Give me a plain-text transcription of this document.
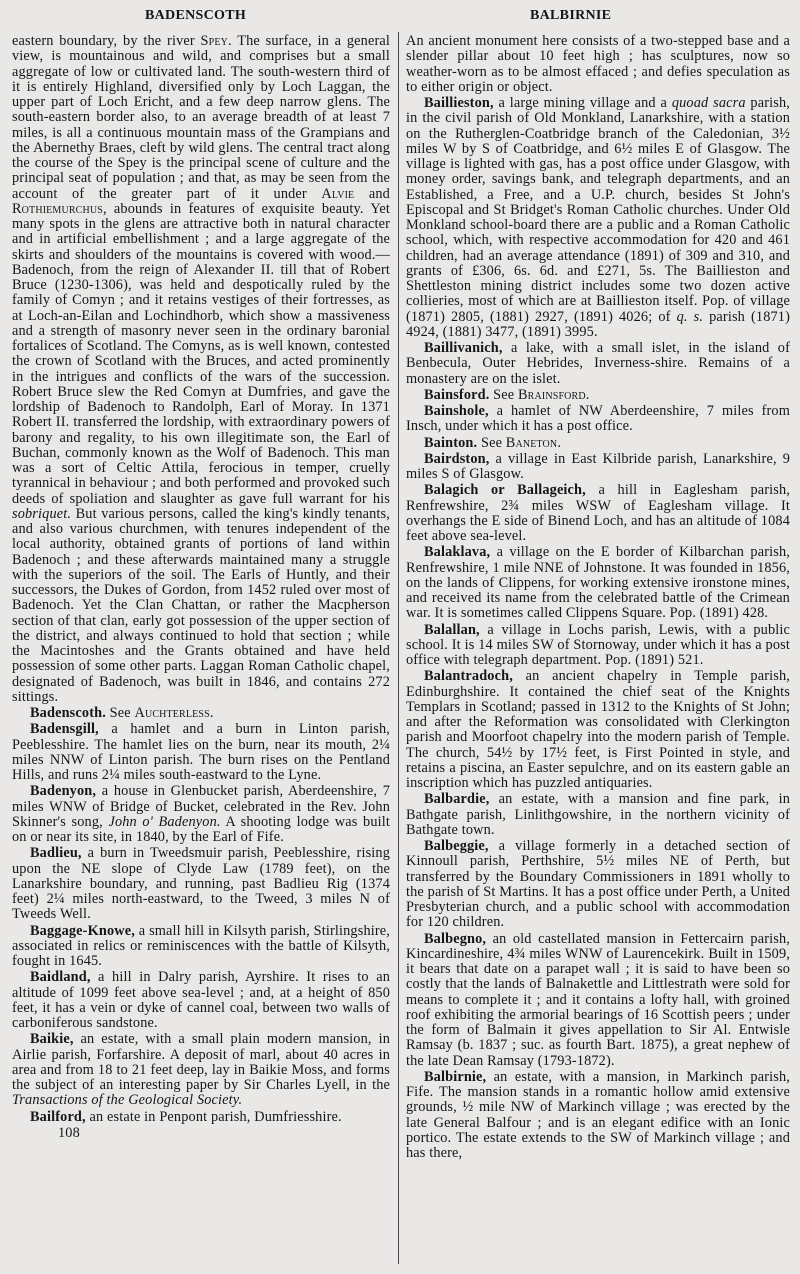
BADENSCOTH	BALBIRNIE

eastern boundary, by the river Spey. The surface, in a general view, is mountainous and wild, and comprises but a small aggregate of low or cultivated land. The south-western third of it is entirely Highland, diversified only by Loch Laggan, the upper part of Loch Ericht, and a few deep narrow glens. The south-eastern border also, to an average breadth of at least 7 miles, is all a continuous mountain mass of the Grampians and the Abernethy Braes, cleft by wild glens. The central tract along the course of the Spey is the principal scene of culture and the principal seat of population ; and that, as may be seen from the account of the greater part of it under Alvie and Rothiemurchus, abounds in features of exquisite beauty. Yet many spots in the glens are attractive both in natural character and in artificial embellishment ; and a large aggregate of the skirts and shoulders of the mountains is covered with wood.—Badenoch, from the reign of Alexander II. till that of Robert Bruce (1230-1306), was held and despotically ruled by the family of Comyn ; and it retains vestiges of their fortresses, as at Loch-an-Eilan and Lochindhorb, which show a massiveness and a strength of masonry never seen in the ordinary baronial fortalices of Scotland. The Comyns, as is well known, contested the crown of Scotland with the Bruces, and acted prominently in the intrigues and conflicts of the wars of the succession. Robert Bruce slew the Red Comyn at Dumfries, and gave the lordship of Badenoch to Randolph, Earl of Moray. In 1371 Robert II. transferred the lordship, with extraordinary powers of barony and regality, to his own illegitimate son, the Earl of Buchan, commonly known as the Wolf of Badenoch. This man was a sort of Celtic Attila, ferocious in temper, cruelly tyrannical in behaviour ; and both performed and provoked such deeds of spoliation and slaughter as gave full warrant for his sobriquet. But various persons, called the king's kindly tenants, and also various churchmen, with tenures independent of the local authority, obtained grants of portions of land within Badenoch ; and these afterwards maintained many a struggle with the superiors of the soil. The Earls of Huntly, and their successors, the Dukes of Gordon, from 1452 ruled over most of Badenoch. Yet the Clan Chattan, or rather the Macpherson section of that clan, early got possession of the upper section of the district, and always continued to hold that section ; while the Macintoshes and the Grants obtained and have held possession of some other parts. Laggan Roman Catholic chapel, designated of Badenoch, was built in 1846, and contains 272 sittings.

Badenscoth. See Auchterless.

Badensgill, a hamlet and a burn in Linton parish, Peeblesshire. The hamlet lies on the burn, near its mouth, 2¼ miles NNW of Linton parish. The burn rises on the Pentland Hills, and runs 2¼ miles south-eastward to the Lyne.

Badenyon, a house in Glenbucket parish, Aberdeenshire, 7 miles WNW of Bridge of Bucket, celebrated in the Rev. John Skinner's song, John o' Badenyon. A shooting lodge was built on or near its site, in 1840, by the Earl of Fife.

Badlieu, a burn in Tweedsmuir parish, Peeblesshire, rising upon the NE slope of Clyde Law (1789 feet), on the Lanarkshire boundary, and running, past Badlieu Rig (1374 feet) 2¼ miles north-eastward, to the Tweed, 3 miles N of Tweeds Well.

Baggage-Knowe, a small hill in Kilsyth parish, Stirlingshire, associated in relics or reminiscences with the battle of Kilsyth, fought in 1645.

Baidland, a hill in Dalry parish, Ayrshire. It rises to an altitude of 1099 feet above sea-level ; and, at a height of 850 feet, it has a vein or dyke of cannel coal, between two walls of carboniferous sandstone.

Baikie, an estate, with a small plain modern mansion, in Airlie parish, Forfarshire. A deposit of marl, about 40 acres in area and from 18 to 21 feet deep, lay in Baikie Moss, and forms the subject of an interesting paper by Sir Charles Lyell, in the Transactions of the Geological Society.

Bailford, an estate in Penpont parish, Dumfriesshire.

108

An ancient monument here consists of a two-stepped base and a slender pillar about 10 feet high ; has sculptures, now so weather-worn as to be almost effaced ; and defies speculation as to either origin or object.

Baillieston, a large mining village and a quoad sacra parish, in the civil parish of Old Monkland, Lanarkshire, with a station on the Rutherglen-Coatbridge branch of the Caledonian, 3½ miles W by S of Coatbridge, and 6½ miles E of Glasgow. The village is lighted with gas, has a post office under Glasgow, with money order, savings bank, and telegraph departments, and an Established, a Free, and a U.P. church, besides St John's Episcopal and St Bridget's Roman Catholic churches. Under Old Monkland school-board there are a public and a Roman Catholic school, which, with respective accommodation for 420 and 461 children, had an average attendance (1891) of 309 and 310, and grants of £306, 6s. 6d. and £271, 5s. The Baillieston and Shettleston mining district includes some two dozen active collieries, most of which are at Baillieston itself. Pop. of village (1871) 2805, (1881) 2927, (1891) 4026; of q. s. parish (1871) 4924, (1881) 3477, (1891) 3995.

Baillivanich, a lake, with a small islet, in the island of Benbecula, Outer Hebrides, Inverness-shire. Remains of a monastery are on the islet.

Bainsford. See Brainsford.

Bainshole, a hamlet of NW Aberdeenshire, 7 miles from Insch, under which it has a post office.

Bainton. See Baneton.

Bairdston, a village in East Kilbride parish, Lanarkshire, 9 miles S of Glasgow.

Balagich or Ballageich, a hill in Eaglesham parish, Renfrewshire, 2¾ miles WSW of Eaglesham village. It overhangs the E side of Binend Loch, and has an altitude of 1084 feet above sea-level.

Balaklava, a village on the E border of Kilbarchan parish, Renfrewshire, 1 mile NNE of Johnstone. It was founded in 1856, on the lands of Clippens, for working extensive ironstone mines, and received its name from the celebrated battle of the Crimean war. It is sometimes called Clippens Square. Pop. (1891) 428.

Balallan, a village in Lochs parish, Lewis, with a public school. It is 14 miles SW of Stornoway, under which it has a post office with telegraph department. Pop. (1891) 521.

Balantradoch, an ancient chapelry in Temple parish, Edinburghshire. It contained the chief seat of the Knights Templars in Scotland; passed in 1312 to the Knights of St John; and after the Reformation was consolidated with Clerkington parish and Moorfoot chapelry into the modern parish of Temple. The church, 54½ by 17½ feet, is First Pointed in style, and retains a piscina, an Easter sepulchre, and on its eastern gable an inscription which has puzzled antiquaries.

Balbardie, an estate, with a mansion and fine park, in Bathgate parish, Linlithgowshire, in the northern vicinity of Bathgate town.

Balbeggie, a village formerly in a detached section of Kinnoull parish, Perthshire, 5½ miles NE of Perth, but transferred by the Boundary Commissioners in 1891 wholly to the parish of St Martins. It has a post office under Perth, a United Presbyterian church, and a public school with accommodation for 120 children.

Balbegno, an old castellated mansion in Fettercairn parish, Kincardineshire, 4¾ miles WNW of Laurencekirk. Built in 1509, it bears that date on a parapet wall ; it is said to have been so costly that the lands of Balnakettle and Littlestrath were sold for means to complete it ; and it contains a lofty hall, with groined roof exhibiting the armorial bearings of 16 Scottish peers ; under the form of Balmain it gives appellation to Sir Al. Entwisle Ramsay (b. 1837 ; suc. as fourth Bart. 1875), a great nephew of the late Dean Ramsay (1793-1872).

Balbirnie, an estate, with a mansion, in Markinch parish, Fife. The mansion stands in a romantic hollow amid extensive grounds, ½ mile NW of Markinch village ; was erected by the late General Balfour ; and is an elegant edifice with an Ionic portico. The estate extends to the SW of Markinch village ; and has there,
